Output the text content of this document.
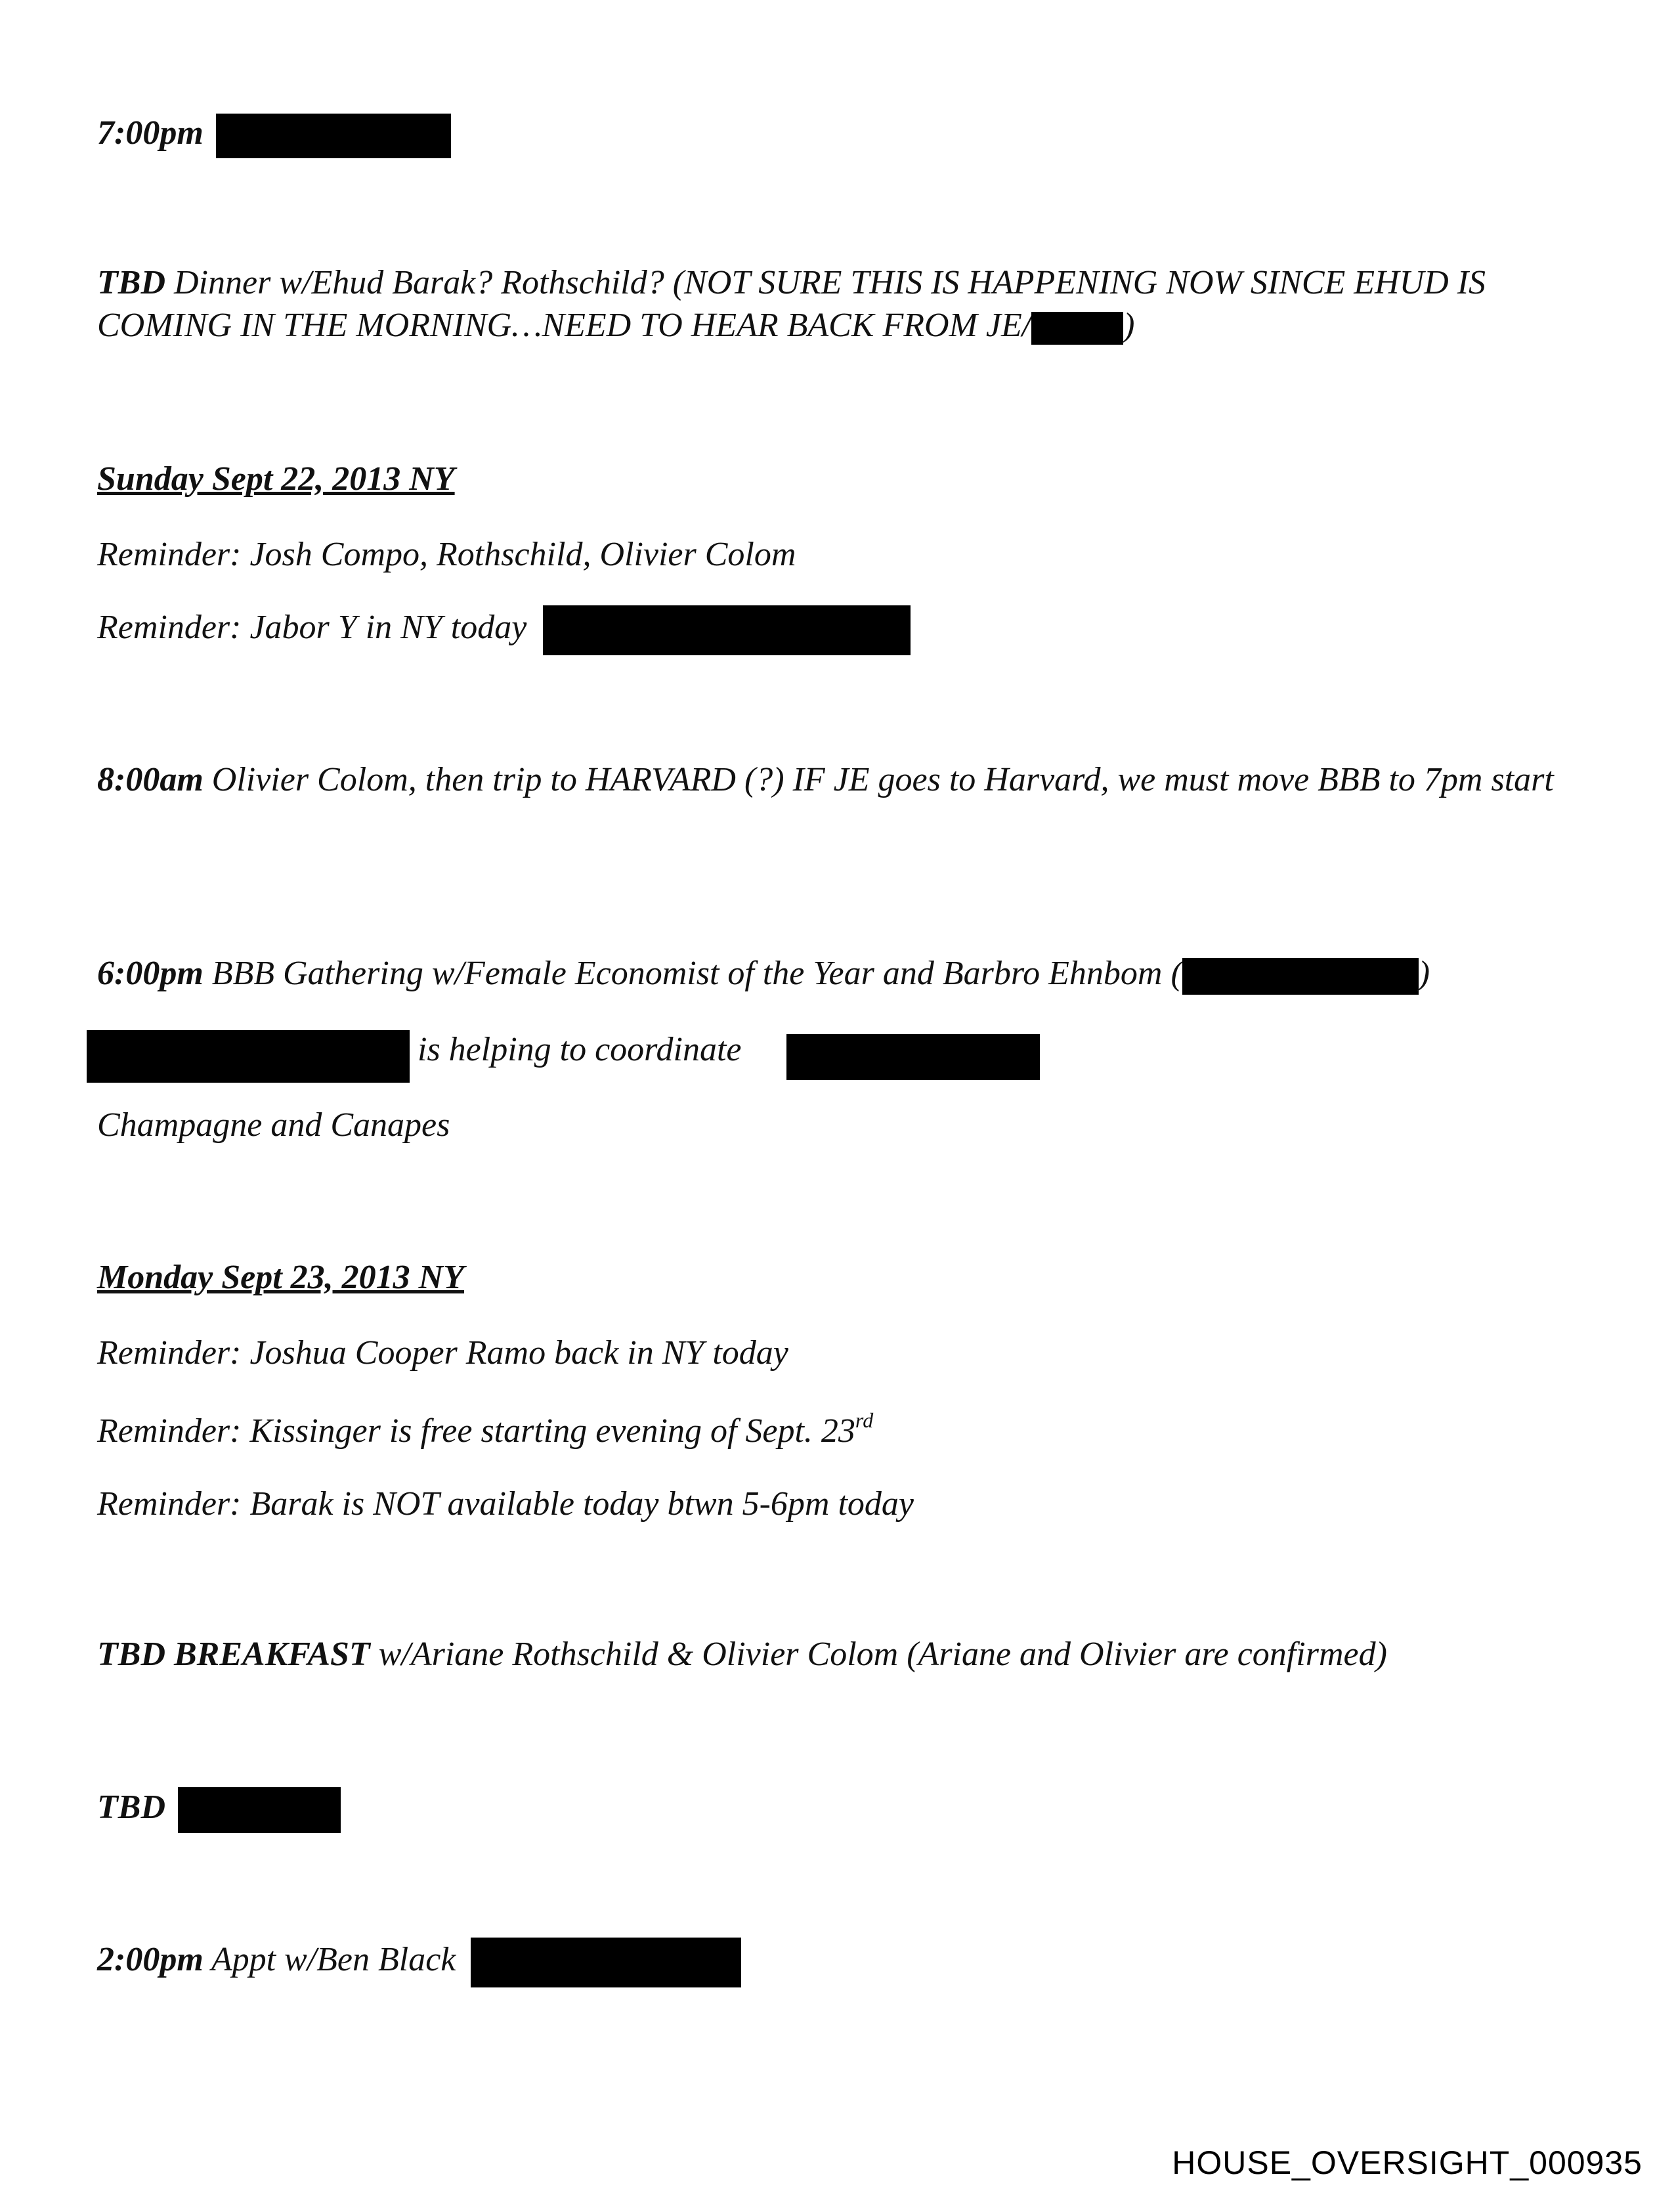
7:00pm
TBD Dinner w/Ehud Barak? Rothschild? (NOT SURE THIS IS HAPPENING NOW SINCE EHUD IS COMING IN THE MORNING…NEED TO HEAR BACK FROM JE/	)
Sunday Sept 22, 2013 NY
Reminder: Josh Compo, Rothschild, Olivier Colom
Reminder: Jabor Y in NY today
8:00am Olivier Colom, then trip to HARVARD (?) IF JE goes to Harvard, we must move BBB to 7pm start
6:00pm BBB Gathering w/Female Economist of the Year and Barbro Ehnbom (	)
is helping to coordinate
Champagne and Canapes
Monday Sept 23, 2013 NY
Reminder: Joshua Cooper Ramo back in NY today
Reminder: Kissinger is free starting evening of Sept. 23rd
Reminder: Barak is NOT available today btwn 5-6pm today
TBD BREAKFAST w/Ariane Rothschild & Olivier Colom (Ariane and Olivier are confirmed)
TBD
2:00pm Appt w/Ben Black
HOUSE_OVERSIGHT_000935
